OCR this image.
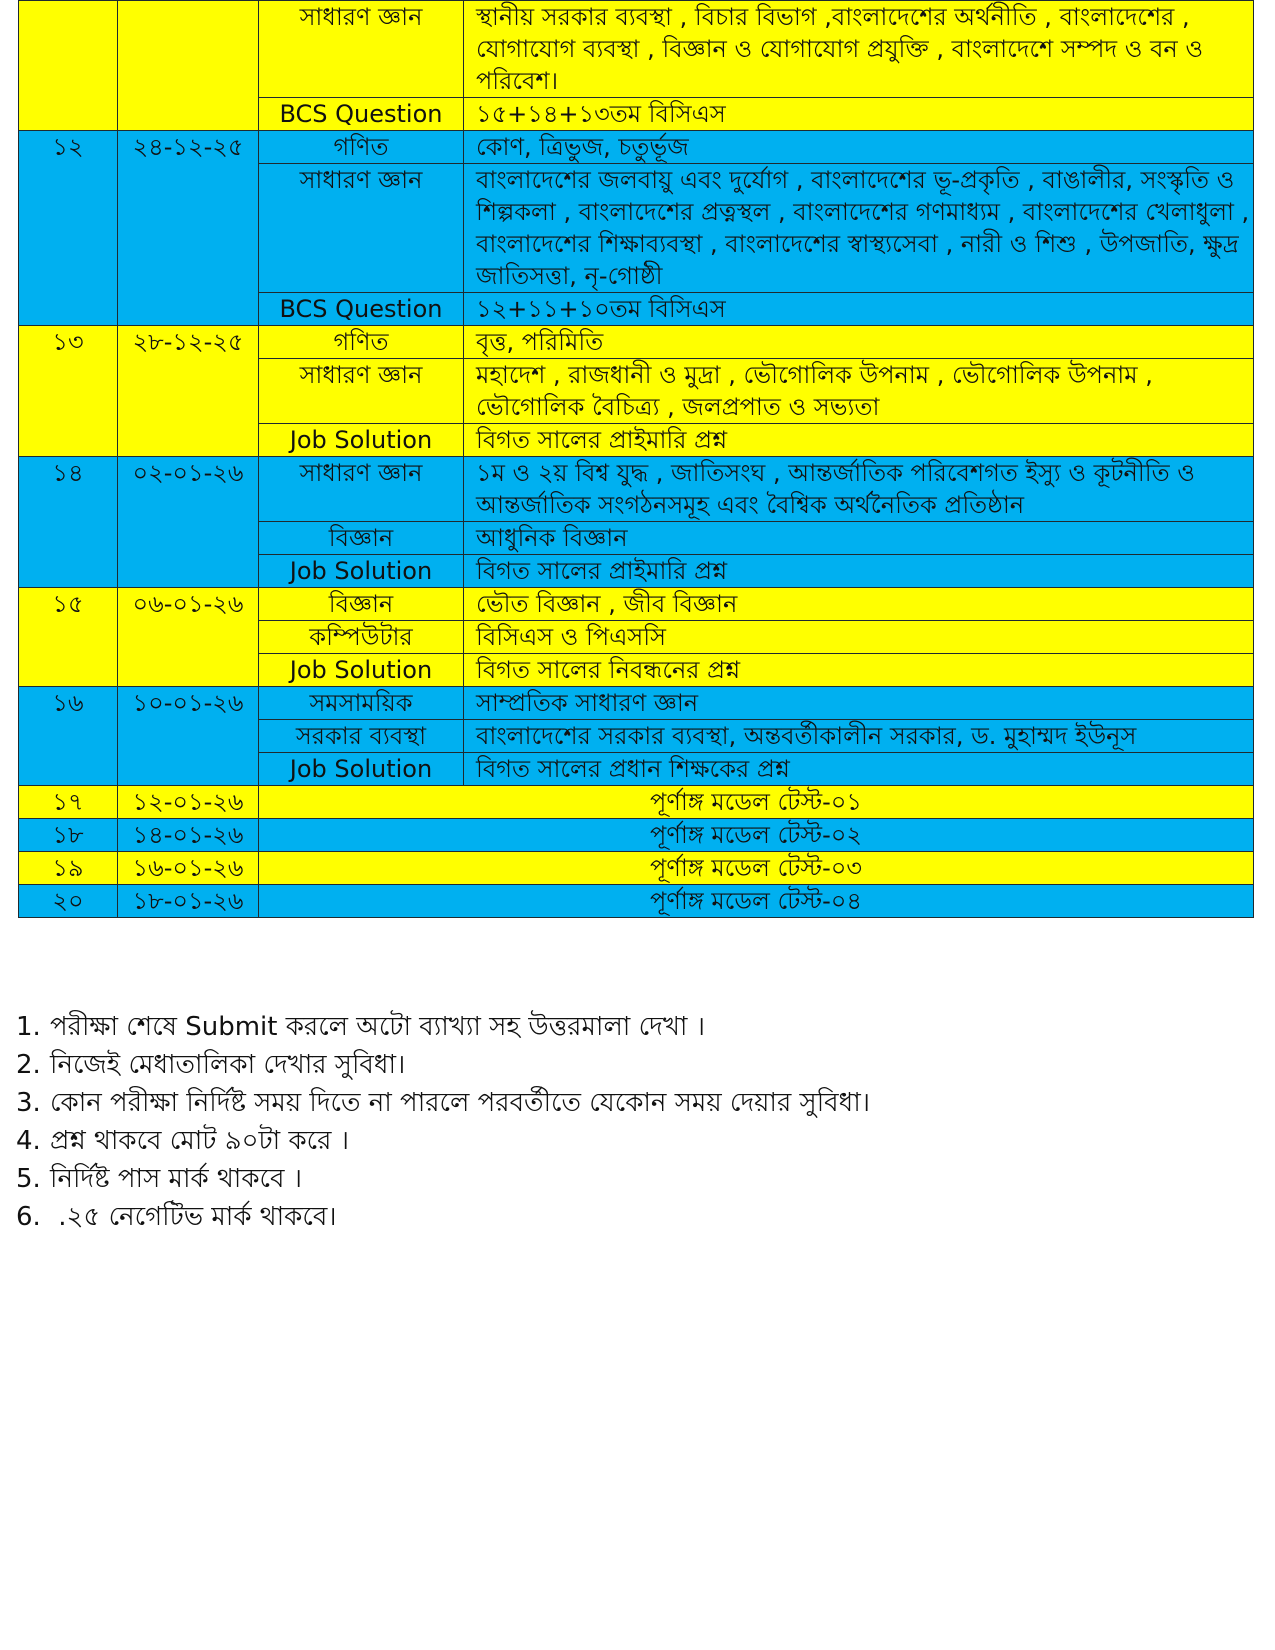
		সাধারণ জ্ঞান	স্থানীয় সরকার ব্যবস্থা , বিচার বিভাগ ,বাংলাদেশের অর্থনীতি , বাংলাদেশের , যোগাযোগ ব্যবস্থা , বিজ্ঞান ও যোগাযোগ প্রযুক্তি , বাংলাদেশে সম্পদ ও বন ও পরিবেশ।
		BCS Question	১৫+১৪+১৩তম বিসিএস
১২	২৪-১২-২৫	গণিত	কোণ, ত্রিভুজ, চতুর্ভূজ
		সাধারণ জ্ঞান	বাংলাদেশের জলবায়ু এবং দুর্যোগ , বাংলাদেশের ভূ-প্রকৃতি , বাঙালীর, সংস্কৃতি ও শিল্পকলা , বাংলাদেশের প্রত্নস্থল , বাংলাদেশের গণমাধ্যম , বাংলাদেশের খেলাধুলা , বাংলাদেশের শিক্ষাব্যবস্থা , বাংলাদেশের স্বাস্থ্যসেবা , নারী ও শিশু , উপজাতি, ক্ষুদ্র জাতিসত্তা, নৃ-গোষ্ঠী
		BCS Question	১২+১১+১০তম বিসিএস
১৩	২৮-১২-২৫	গণিত	বৃত্ত, পরিমিতি
		সাধারণ জ্ঞান	মহাদেশ , রাজধানী ও মুদ্রা , ভৌগোলিক উপনাম , ভৌগোলিক উপনাম , ভৌগোলিক বৈচিত্র্য , জলপ্রপাত ও সভ্যতা
		Job Solution	বিগত সালের প্রাইমারি প্রশ্ন
১৪	০২-০১-২৬	সাধারণ জ্ঞান	১ম ও ২য় বিশ্ব যুদ্ধ , জাতিসংঘ , আন্তর্জাতিক পরিবেশগত ইস্যু ও কূটনীতি ও আন্তর্জাতিক সংগঠনসমূহ এবং বৈশ্বিক অর্থনৈতিক প্রতিষ্ঠান
		বিজ্ঞান	আধুনিক বিজ্ঞান
		Job Solution	বিগত সালের প্রাইমারি প্রশ্ন
১৫	০৬-০১-২৬	বিজ্ঞান	ভৌত বিজ্ঞান , জীব বিজ্ঞান
		কম্পিউটার	বিসিএস ও পিএসসি
		Job Solution	বিগত সালের নিবন্ধনের প্রশ্ন
১৬	১০-০১-২৬	সমসাময়িক	সাম্প্রতিক সাধারণ জ্ঞান
		সরকার ব্যবস্থা	বাংলাদেশের সরকার ব্যবস্থা, অন্তবর্তীকালীন সরকার, ড. মুহাম্মদ ইউনূস
		Job Solution	বিগত সালের প্রধান শিক্ষকের প্রশ্ন
১৭	১২-০১-২৬	পূর্ণাঙ্গ মডেল টেস্ট-০১	
১৮	১৪-০১-২৬	পূর্ণাঙ্গ মডেল টেস্ট-০২	
১৯	১৬-০১-২৬	পূর্ণাঙ্গ মডেল টেস্ট-০৩	
২০	১৮-০১-২৬	পূর্ণাঙ্গ মডেল টেস্ট-০৪	
1. পরীক্ষা শেষে Submit করলে অটো ব্যাখ্যা সহ উত্তরমালা দেখা ।
2. নিজেই মেধাতালিকা দেখার সুবিধা।
3. কোন পরীক্ষা নির্দিষ্ট সময় দিতে না পারলে পরবর্তীতে যেকোন সময় দেয়ার সুবিধা।
4. প্রশ্ন থাকবে মোট ৯০টা করে ।
5. নির্দিষ্ট পাস মার্ক থাকবে ।
6. .২৫ নেগেটিভ মার্ক থাকবে।
